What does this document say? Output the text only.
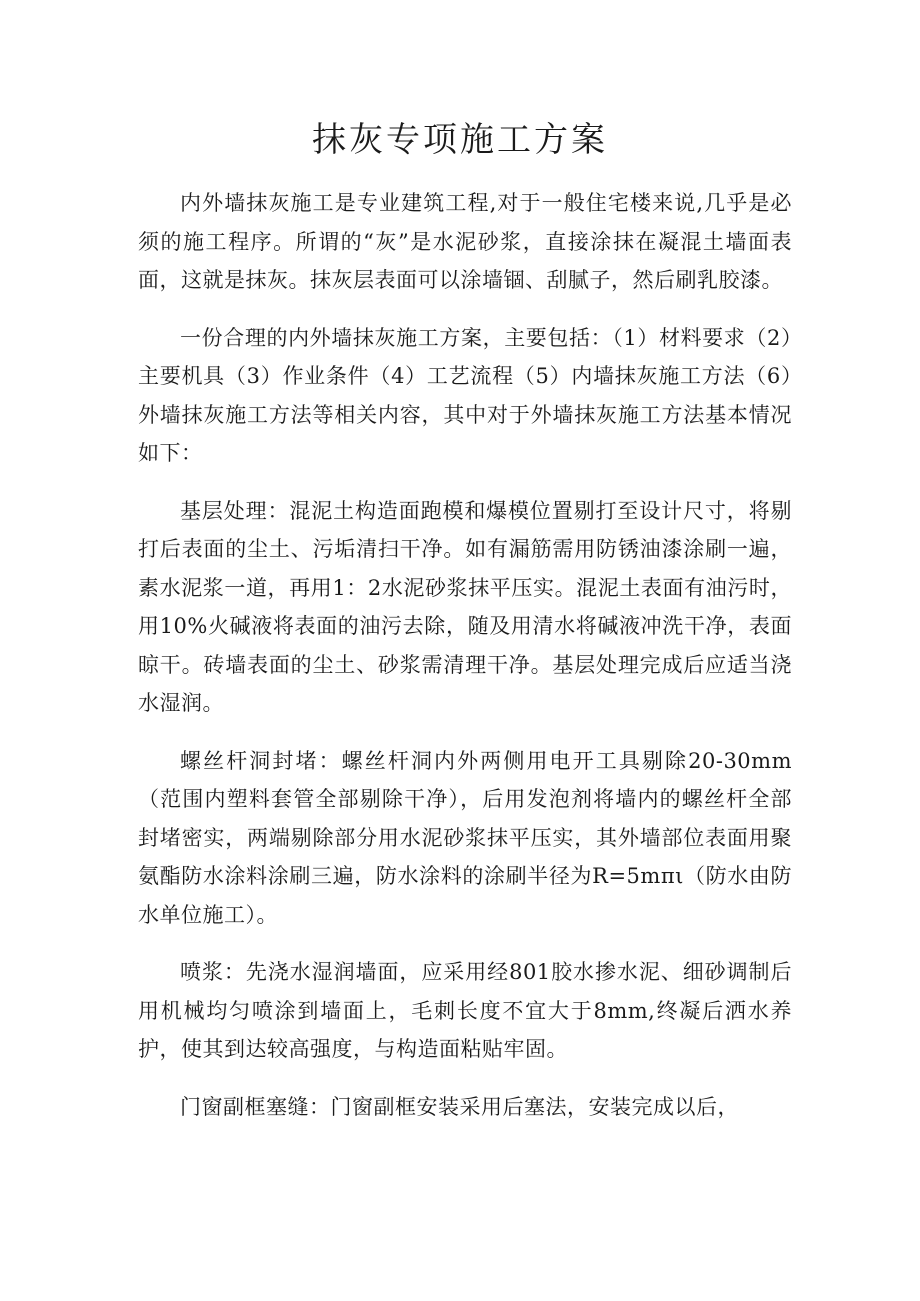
抹灰专项施工方案

内外墙抹灰施工是专业建筑工程,对于一般住宅楼来说,几乎是必须的施工程序。所谓的“灰”是水泥砂浆，直接涂抹在凝混土墙面表面，这就是抹灰。抹灰层表面可以涂墙锢、刮腻子，然后刷乳胶漆。

一份合理的内外墙抹灰施工方案，主要包括：（1）材料要求（2）主要机具（3）作业条件（4）工艺流程（5）内墙抹灰施工方法（6）外墙抹灰施工方法等相关内容，其中对于外墙抹灰施工方法基本情况如下：

基层处理：混泥土构造面跑模和爆模位置剔打至设计尺寸，将剔打后表面的尘土、污垢清扫干净。如有漏筋需用防锈油漆涂刷一遍，素水泥浆一道，再用1：2水泥砂浆抹平压实。混泥土表面有油污时，用10%火碱液将表面的油污去除，随及用清水将碱液冲洗干净，表面晾干。砖墙表面的尘土、砂浆需清理干净。基层处理完成后应适当浇水湿润。

螺丝杆洞封堵：螺丝杆洞内外两侧用电开工具剔除20-30mm（范围内塑料套管全部剔除干净），后用发泡剂将墙内的螺丝杆全部封堵密实，两端剔除部分用水泥砂浆抹平压实，其外墙部位表面用聚氨酯防水涂料涂刷三遍，防水涂料的涂刷半径为R=5mπι（防水由防水单位施工）。

喷浆：先浇水湿润墙面，应采用经801胶水掺水泥、细砂调制后用机械均匀喷涂到墙面上，毛刺长度不宜大于8mm,终凝后洒水养护，使其到达较高强度，与构造面粘贴牢固。

门窗副框塞缝：门窗副框安装采用后塞法，安装完成以后，
